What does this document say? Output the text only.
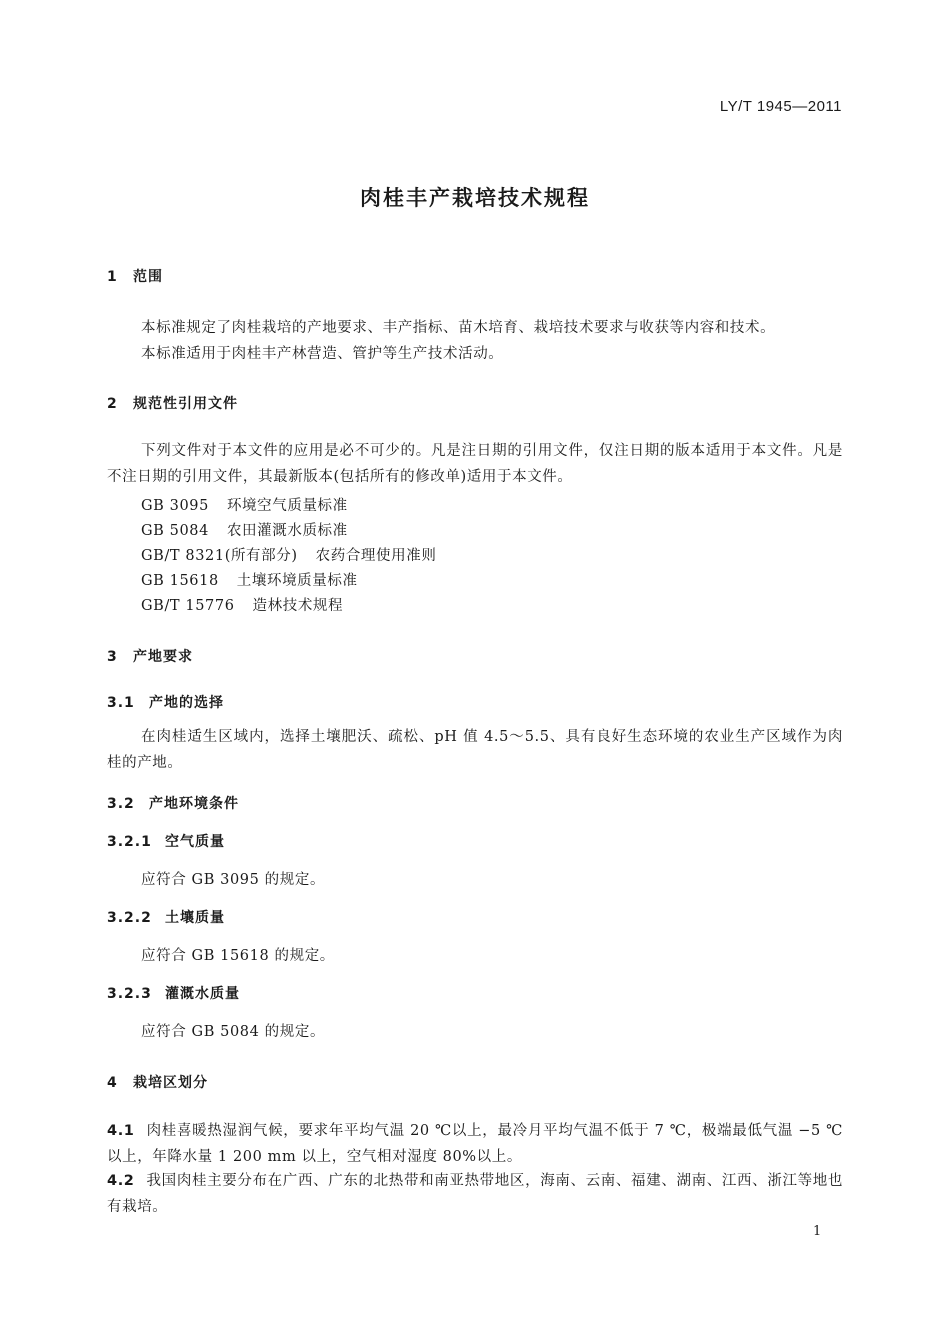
LY/T 1945—2011
肉桂丰产栽培技术规程
1 范围
本标准规定了肉桂栽培的产地要求、丰产指标、苗木培育、栽培技术要求与收获等内容和技术。
本标准适用于肉桂丰产林营造、管护等生产技术活动。
2 规范性引用文件
下列文件对于本文件的应用是必不可少的。凡是注日期的引用文件，仅注日期的版本适用于本文件。凡是不注日期的引用文件，其最新版本(包括所有的修改单)适用于本文件。
GB 3095 环境空气质量标准
GB 5084 农田灌溉水质标准
GB/T 8321(所有部分) 农药合理使用准则
GB 15618 土壤环境质量标准
GB/T 15776 造林技术规程
3 产地要求
3.1 产地的选择
在肉桂适生区域内，选择土壤肥沃、疏松、pH 值 4.5～5.5、具有良好生态环境的农业生产区域作为肉桂的产地。
3.2 产地环境条件
3.2.1 空气质量
应符合 GB 3095 的规定。
3.2.2 土壤质量
应符合 GB 15618 的规定。
3.2.3 灌溉水质量
应符合 GB 5084 的规定。
4 栽培区划分
4.1 肉桂喜暖热湿润气候，要求年平均气温 20 ℃以上，最冷月平均气温不低于 7 ℃，极端最低气温 −5 ℃以上，年降水量 1 200 mm 以上，空气相对湿度 80%以上。
4.2 我国肉桂主要分布在广西、广东的北热带和南亚热带地区，海南、云南、福建、湖南、江西、浙江等地也有栽培。
1
